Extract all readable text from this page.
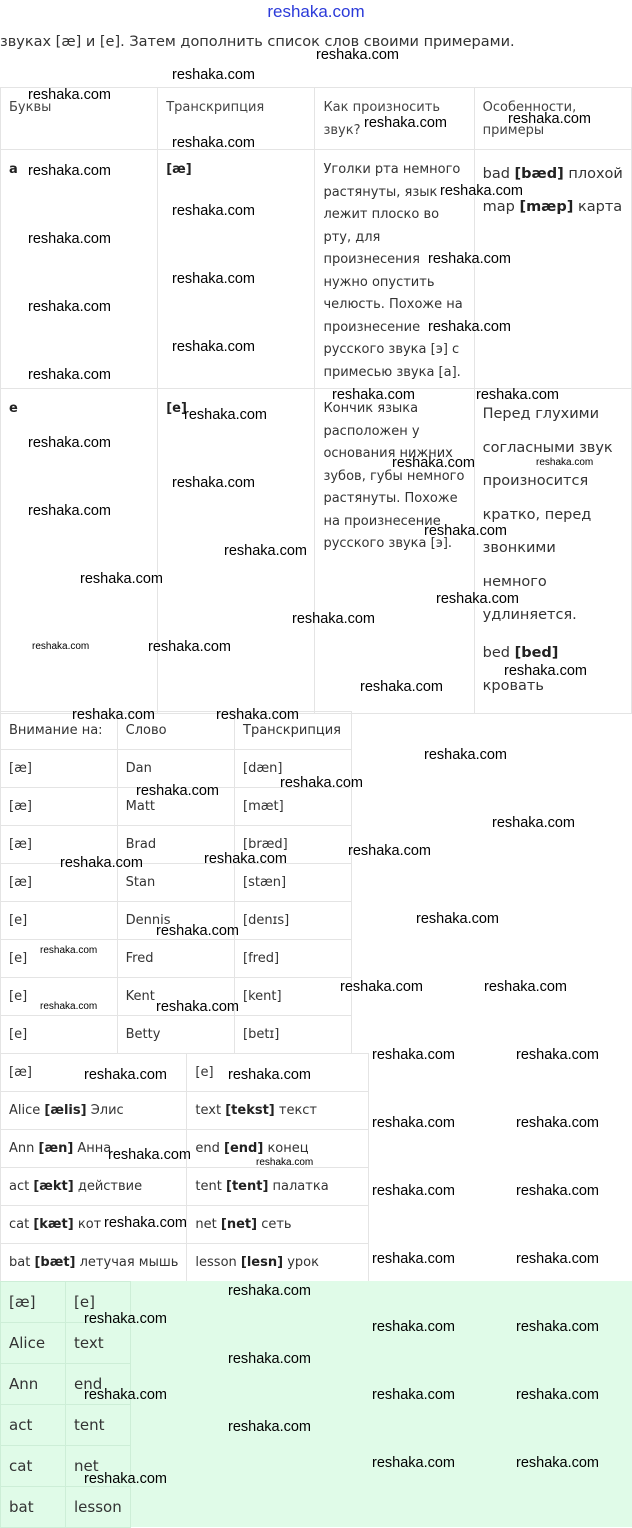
reshaka.com
звуках [æ] и [e]. Затем дополнить список слов своими примерами.
Буквы	Транскрипция	Как произносить звук?	Особенности, примеры
a	[æ]	Уголки рта немного растянуты, язык лежит плоско во рту, для произнесения нужно опустить челюсть. Похоже на произнесение русского звука [э] с примесью звука [а].	bad [bæd] плохой
map [mæp] карта

e	[e]	Кончик языка расположен у основания нижних зубов, губы немного растянуты. Похоже на произнесение русского звука [э].	Перед глухими согласными звук произносится кратко, перед звонкими немного удлиняется.
bed [bed] кровать
Внимание на:	Слово	Транскрипция
[æ]	Dan	[dæn]
[æ]	Matt	[mæt]
[æ]	Brad	[bræd]
[æ]	Stan	[stæn]
[e]	Dennis	[denɪs]
[e]	Fred	[fred]
[e]	Kent	[kent]
[e]	Betty	[betɪ]
[æ]	[e]
Alice [ælis] Элис	text [tekst] текст
Ann [æn] Анна	end [end] конец
act [ækt] действие	tent [tent] палатка
cat [kæt] кот	net [net] сеть
bat [bæt] летучая мышь	lesson [lesn] урок
[æ]	[e]
Alice	text
Ann	end
act	tent
cat	net
bat	lesson
reshaka.com
reshaka.com
reshaka.com
reshaka.com	reshaka.com
reshaka.com
reshaka.com
reshaka.com
reshaka.com
reshaka.com
reshaka.com
reshaka.com
reshaka.com
reshaka.com
reshaka.com
reshaka.com
reshaka.com	reshaka.com
reshaka.com
reshaka.com
reshaka.com
reshaka.com
reshaka.com
reshaka.com
reshaka.com
reshaka.com
reshaka.com
reshaka.com
reshaka.com
reshaka.com
reshaka.com
reshaka.com	reshaka.com
reshaka.com
reshaka.com
reshaka.com
reshaka.com
reshaka.com
reshaka.com	reshaka.com
reshaka.com
reshaka.com
reshaka.com	reshaka.com
reshaka.com
reshaka.com	reshaka.com
reshaka.com	reshaka.com
reshaka.com	reshaka.com
reshaka.com
reshaka.com	reshaka.com
reshaka.com
reshaka.com	reshaka.com
reshaka.com
reshaka.com	reshaka.com	reshaka.com
reshaka.com
reshaka.com	reshaka.com	reshaka.com
reshaka.com
reshaka.com	reshaka.com
reshaka.com
reshaka.com
reshaka.com
reshaka.com
reshaka.com
reshaka.com
